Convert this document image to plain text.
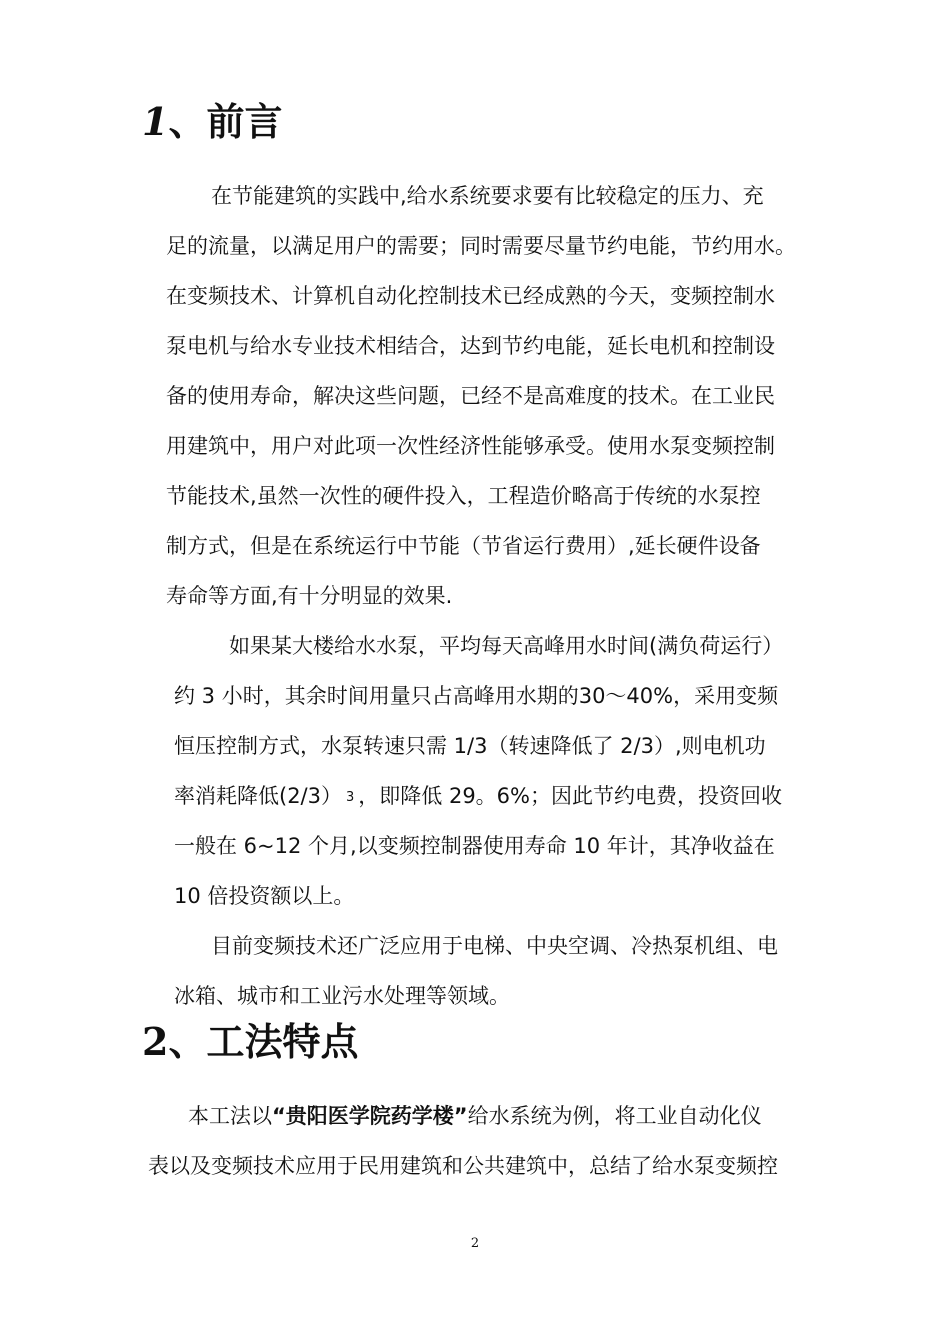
1、前言

在节能建筑的实践中,给水系统要求要有比较稳定的压力、充

足的流量，以满足用户的需要；同时需要尽量节约电能，节约用水。

在变频技术、计算机自动化控制技术已经成熟的今天，变频控制水

泵电机与给水专业技术相结合，达到节约电能，延长电机和控制设

备的使用寿命，解决这些问题，已经不是高难度的技术。在工业民

用建筑中，用户对此项一次性经济性能够承受。使用水泵变频控制

节能技术,虽然一次性的硬件投入，工程造价略高于传统的水泵控

制方式，但是在系统运行中节能（节省运行费用）,延长硬件设备

寿命等方面,有十分明显的效果.

如果某大楼给水水泵，平均每天高峰用水时间(满负荷运行）

约 3 小时，其余时间用量只占高峰用水期的30～40%，采用变频

恒压控制方式，水泵转速只需 1/3（转速降低了 2/3）,则电机功

率消耗降低(2/3） 3 ，即降低 29。6%；因此节约电费，投资回收

一般在 6~12 个月,以变频控制器使用寿命 10 年计，其净收益在

10 倍投资额以上。

目前变频技术还广泛应用于电梯、中央空调、冷热泵机组、电

冰箱、城市和工业污水处理等领域。

2、工法特点

本工法以“贵阳医学院药学楼”给水系统为例，将工业自动化仪

表以及变频技术应用于民用建筑和公共建筑中，总结了给水泵变频控

2
